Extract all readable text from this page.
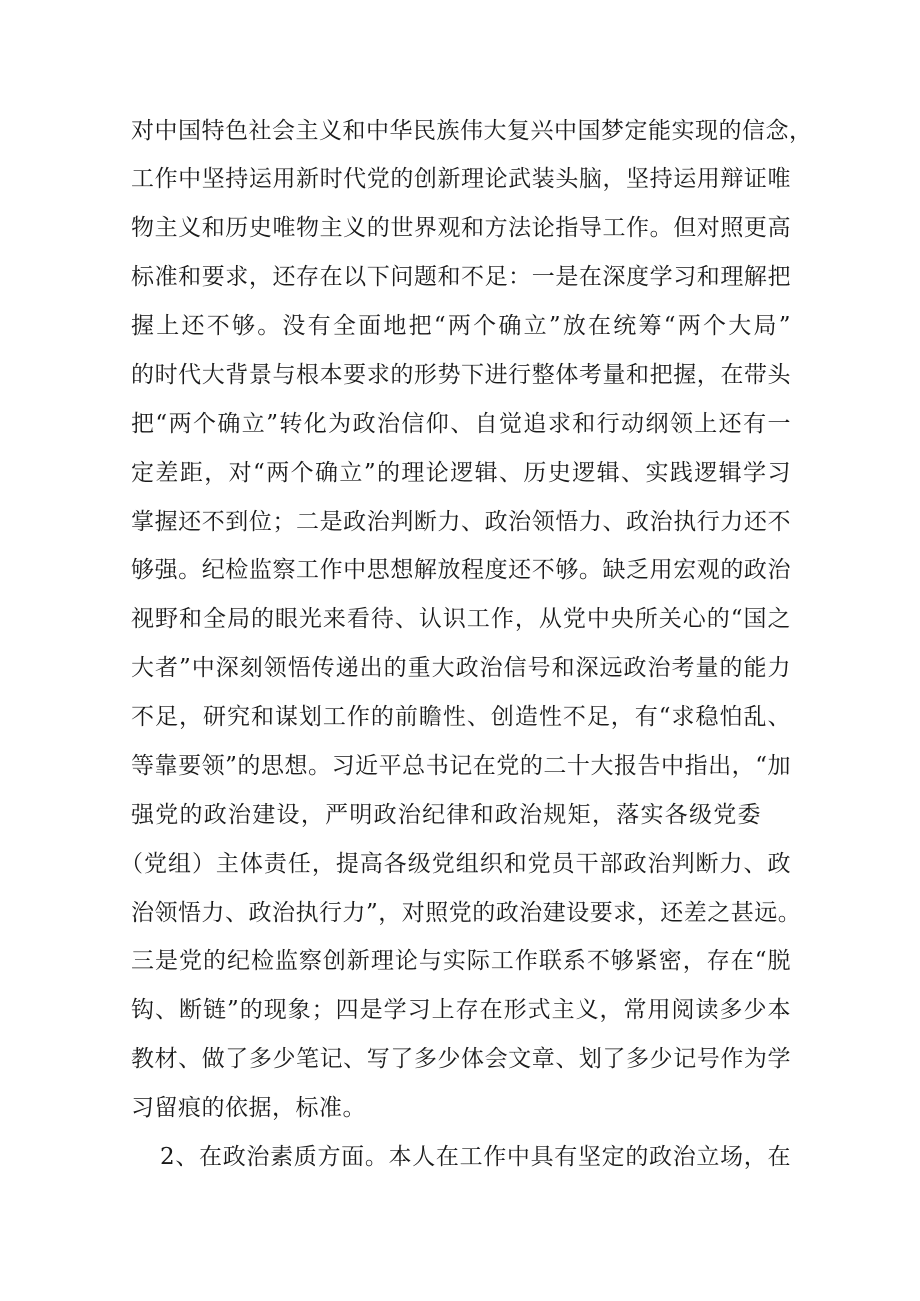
对中国特色社会主义和中华民族伟大复兴中国梦定能实现的信念，
工作中坚持运用新时代党的创新理论武装头脑，坚持运用辩证唯
物主义和历史唯物主义的世界观和方法论指导工作。但对照更高
标准和要求，还存在以下问题和不足：一是在深度学习和理解把
握上还不够。没有全面地把“两个确立”放在统筹“两个大局”
的时代大背景与根本要求的形势下进行整体考量和把握，在带头
把“两个确立”转化为政治信仰、自觉追求和行动纲领上还有一
定差距，对“两个确立”的理论逻辑、历史逻辑、实践逻辑学习
掌握还不到位；二是政治判断力、政治领悟力、政治执行力还不
够强。纪检监察工作中思想解放程度还不够。缺乏用宏观的政治
视野和全局的眼光来看待、认识工作，从党中央所关心的“国之
大者”中深刻领悟传递出的重大政治信号和深远政治考量的能力
不足，研究和谋划工作的前瞻性、创造性不足，有“求稳怕乱、
等靠要领”的思想。习近平总书记在党的二十大报告中指出，“加
强党的政治建设，严明政治纪律和政治规矩，落实各级党委
（党组）主体责任，提高各级党组织和党员干部政治判断力、政
治领悟力、政治执行力”，对照党的政治建设要求，还差之甚远。
三是党的纪检监察创新理论与实际工作联系不够紧密，存在“脱
钩、断链”的现象；四是学习上存在形式主义，常用阅读多少本
教材、做了多少笔记、写了多少体会文章、划了多少记号作为学
习留痕的依据，标准。
2、在政治素质方面。本人在工作中具有坚定的政治立场，在
